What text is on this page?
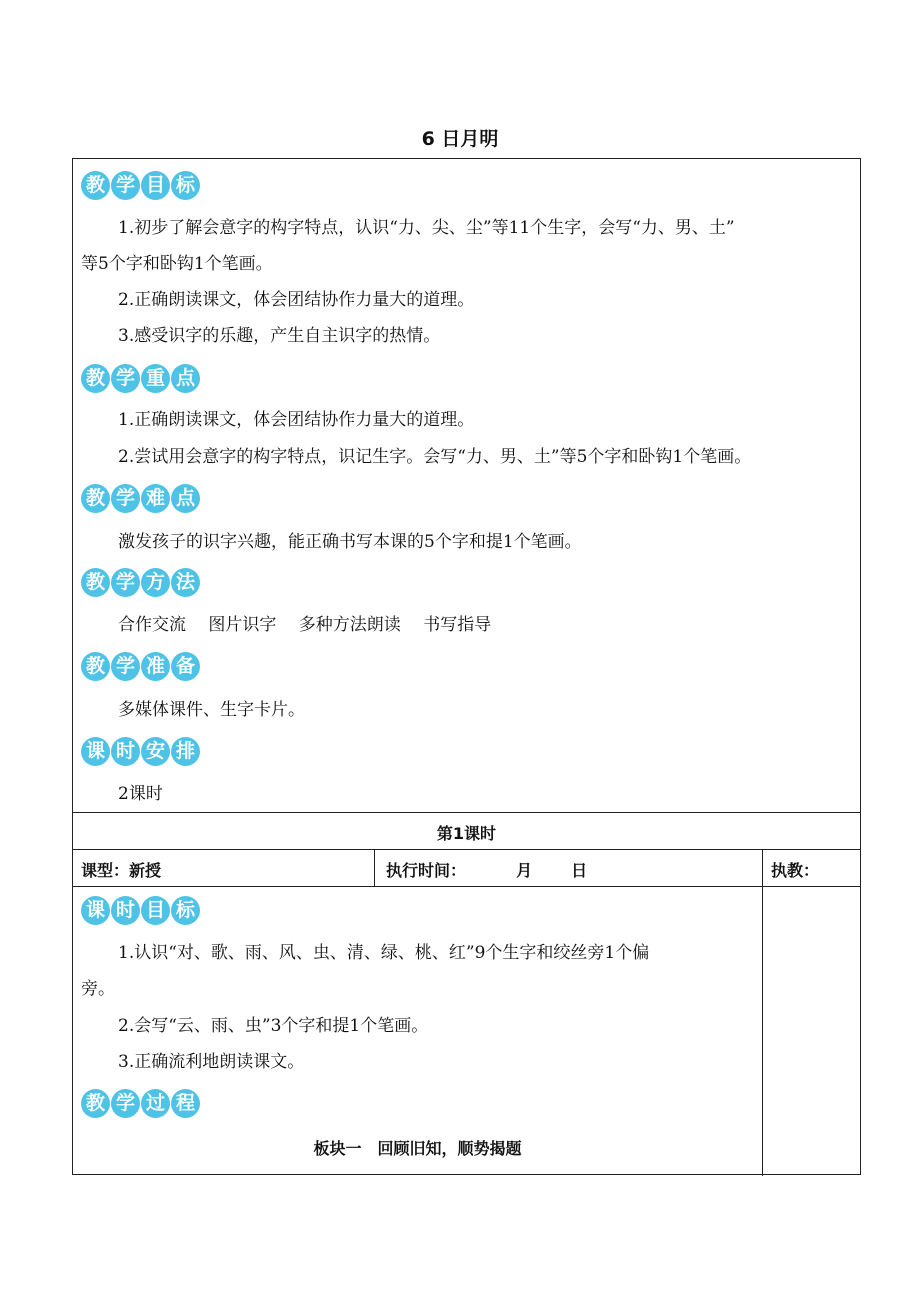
6 日月明
教 学 目 标
1.初步了解会意字的构字特点，认识“力、尖、尘”等11个生字，会写“力、男、土”
等5个字和卧钩1个笔画。
2.正确朗读课文，体会团结协作力量大的道理。
3.感受识字的乐趣，产生自主识字的热情。
教 学 重 点
1.正确朗读课文，体会团结协作力量大的道理。
2.尝试用会意字的构字特点，识记生字。会写“力、男、土”等5个字和卧钩1个笔画。
教 学 难 点
激发孩子的识字兴趣，能正确书写本课的5个字和提1个笔画。
教 学 方 法
合作交流　 图片识字　 多种方法朗读　 书写指导
教 学 准 备
多媒体课件、生字卡片。
课 时 安 排
2课时
第1课时
课型：新授	执行时间：         月       日	执教：
课 时 目 标
1.认识“对、歌、雨、风、虫、清、绿、桃、红”9个生字和绞丝旁1个偏
旁。
2.会写“云、雨、虫”3个字和提1个笔画。
3.正确流利地朗读课文。
教 学 过 程
板块一　回顾旧知，顺势揭题
